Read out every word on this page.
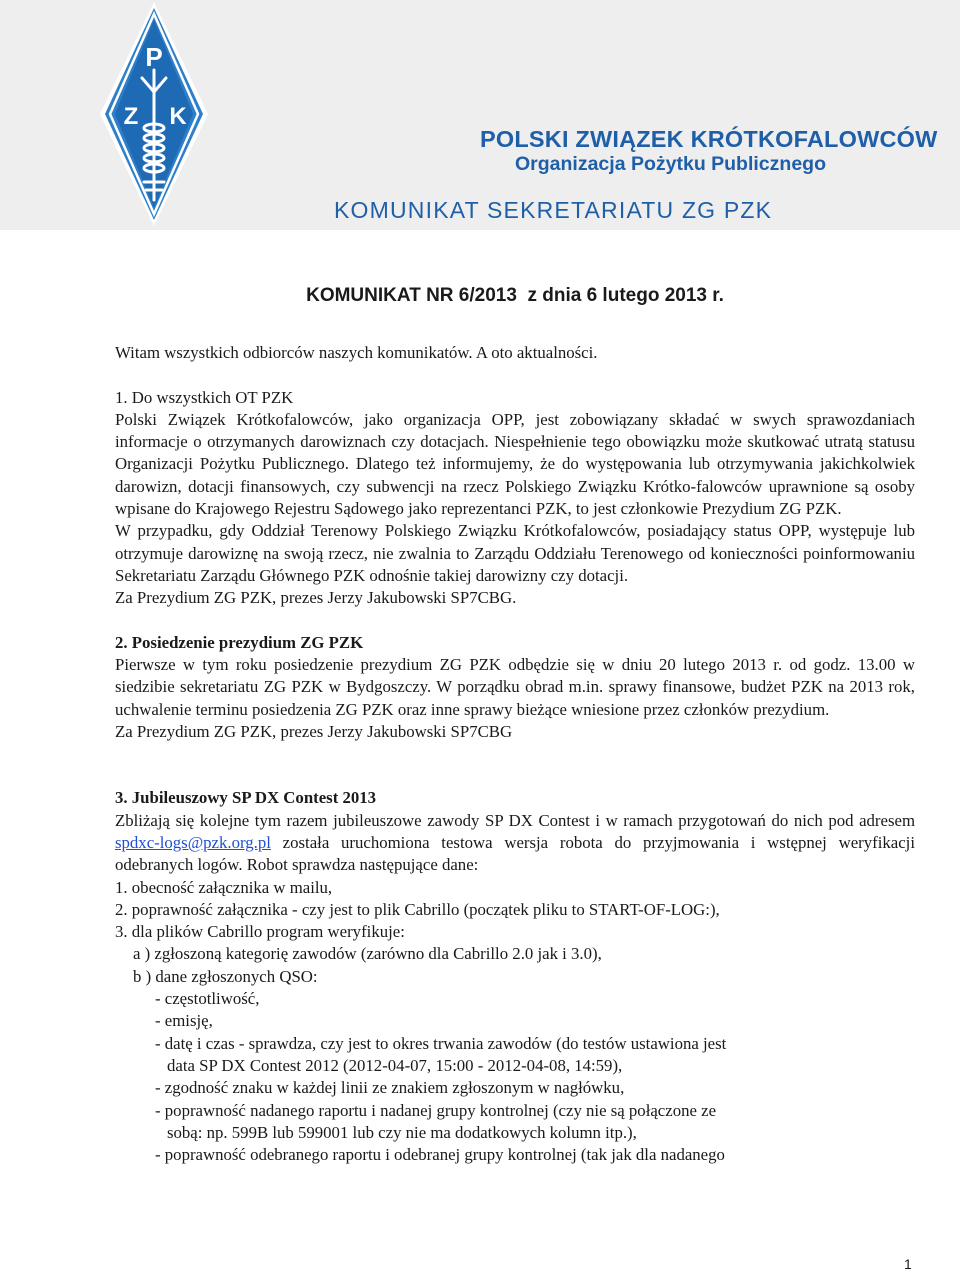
P
Z K
POLSKI ZWIĄZEK KRÓTKOFALOWCÓW
Organizacja Pożytku Publicznego
KOMUNIKAT SEKRETARIATU ZG PZK
KOMUNIKAT NR 6/2013  z dnia 6 lutego 2013 r.

Witam wszystkich odbiorców naszych komunikatów. A oto aktualności.

1. Do wszystkich OT PZK

Polski Związek Krótkofalowców, jako organizacja OPP, jest zobowiązany składać w swych sprawozdaniach informacje o otrzymanych darowiznach czy dotacjach. Niespełnienie tego obowiązku może skutkować utratą statusu Organizacji Pożytku Publicznego. Dlatego też informujemy, że do występowania lub otrzymywania jakichkolwiek darowizn, dotacji finansowych, czy subwencji na rzecz Polskiego Związku Krótko-falowców uprawnione są osoby wpisane do Krajowego Rejestru Sądowego jako reprezentanci PZK, to jest członkowie Prezydium ZG PZK.

W przypadku, gdy Oddział Terenowy Polskiego Związku Krótkofalowców, posiadający status OPP, występuje lub otrzymuje darowiznę na swoją rzecz, nie zwalnia to Zarządu Oddziału Terenowego od konieczności poinformowaniu Sekretariatu Zarządu Głównego PZK odnośnie takiej darowizny czy dotacji.

Za Prezydium ZG PZK, prezes Jerzy Jakubowski SP7CBG.

2. Posiedzenie prezydium ZG PZK

Pierwsze w tym roku posiedzenie prezydium ZG PZK odbędzie się w dniu 20 lutego 2013 r. od godz. 13.00 w siedzibie sekretariatu ZG PZK w Bydgoszczy. W porządku obrad m.in. sprawy finansowe, budżet PZK na 2013 rok, uchwalenie terminu posiedzenia ZG PZK oraz inne sprawy bieżące wniesione przez członków prezydium.

Za Prezydium ZG PZK, prezes Jerzy Jakubowski SP7CBG

3. Jubileuszowy SP DX Contest 2013

Zbliżają się kolejne tym razem jubileuszowe zawody SP DX Contest i w ramach przygotowań do nich pod adresem spdxc-logs@pzk.org.pl została uruchomiona testowa wersja robota do przyjmowania i wstępnej weryfikacji odebranych logów. Robot sprawdza następujące dane:

1. obecność załącznika w mailu,

2. poprawność załącznika - czy jest to plik Cabrillo (początek pliku to START-OF-LOG:),

3. dla plików Cabrillo program weryfikuje:

a ) zgłoszoną kategorię zawodów (zarówno dla Cabrillo 2.0 jak i 3.0),

b ) dane zgłoszonych QSO:

- częstotliwość,

- emisję,

- datę i czas - sprawdza, czy jest to okres trwania zawodów (do testów ustawiona jest

data SP DX Contest 2012 (2012-04-07, 15:00 - 2012-04-08, 14:59),

- zgodność znaku w każdej linii ze znakiem zgłoszonym w nagłówku,

- poprawność nadanego raportu i nadanej grupy kontrolnej (czy nie są połączone ze

sobą: np. 599B lub 599001 lub czy nie ma dodatkowych kolumn itp.),

- poprawność odebranego raportu i odebranej grupy kontrolnej (tak jak dla nadanego

1
